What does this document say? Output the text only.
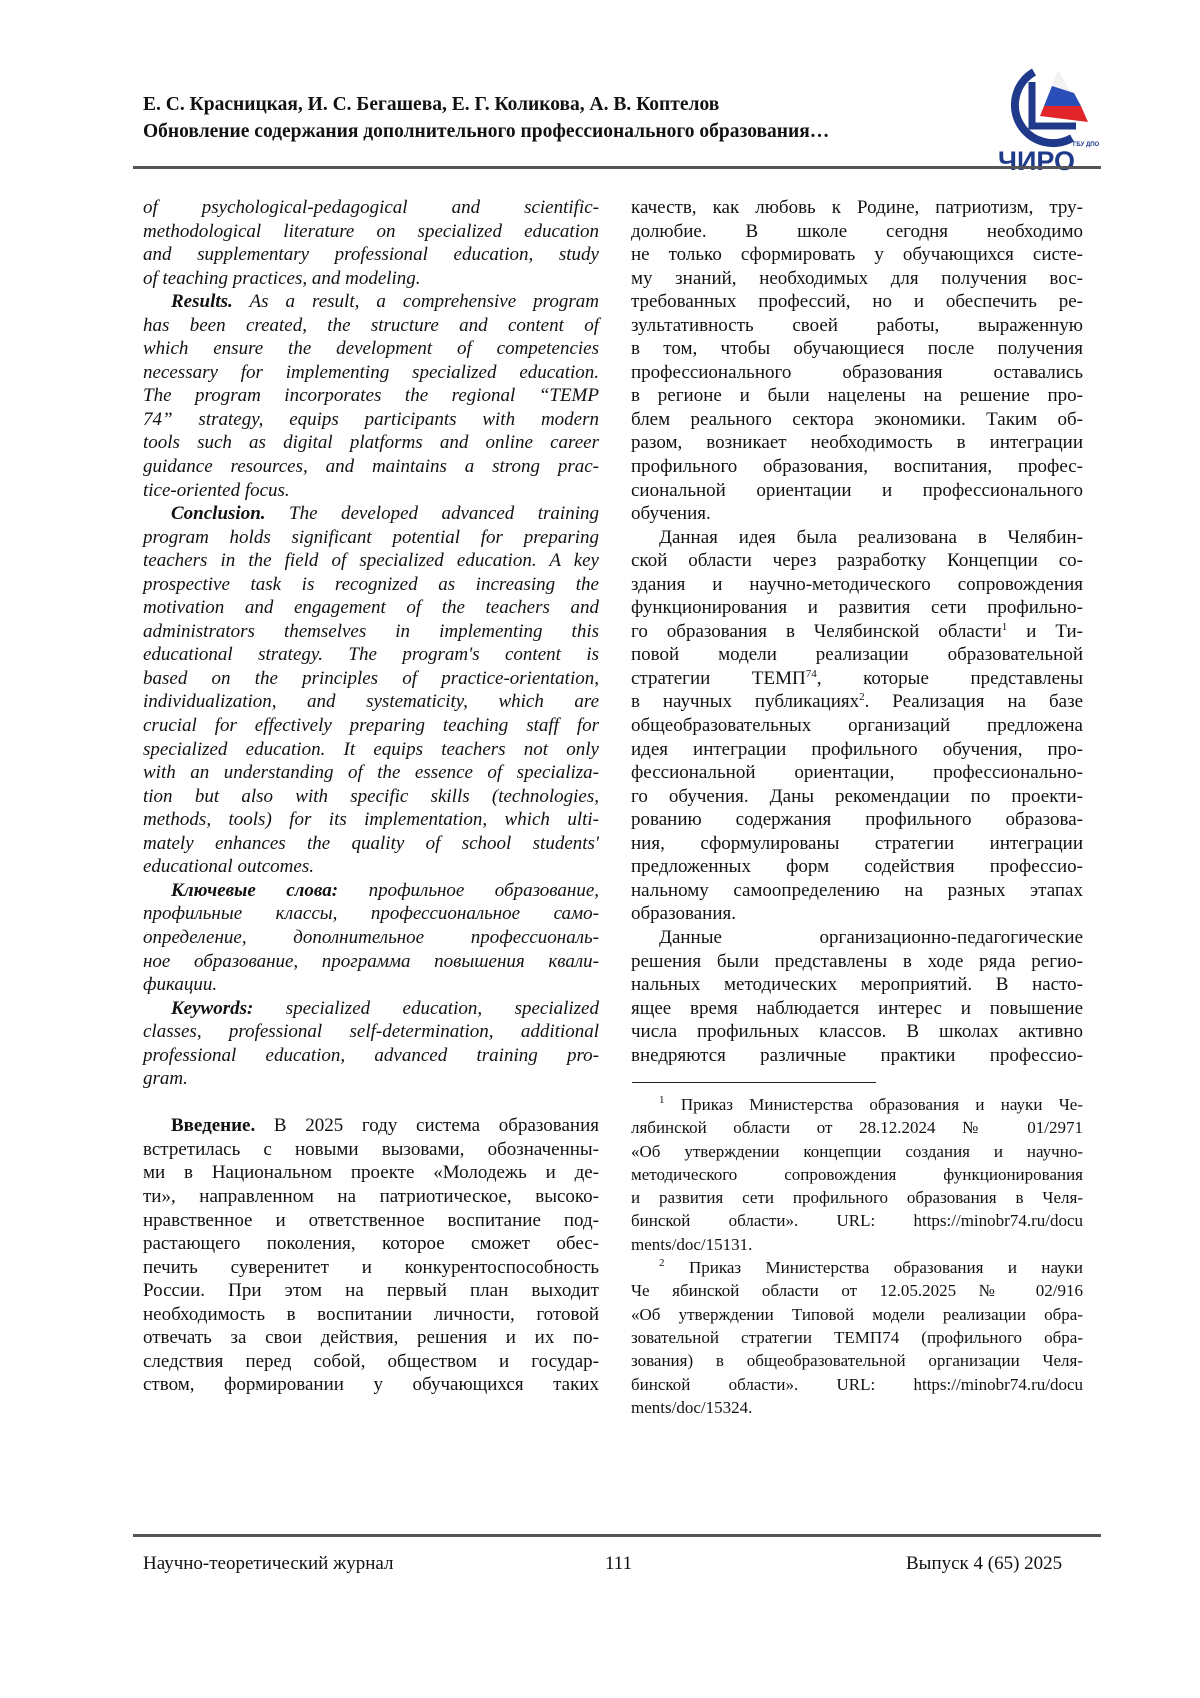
Е. С. Красницкая, И. С. Бегашева, Е. Г. Коликова, А. В. Коптелов
Обновление содержания дополнительного профессионального образования…
ГБУ ДПО
ЧИРО
of psychological-pedagogical and scientific-
methodological literature on specialized education
and supplementary professional education, study
of teaching practices, and modeling.
Results. As a result, a comprehensive program
has been created, the structure and content of
which ensure the development of competencies
necessary for implementing specialized education.
The program incorporates the regional “TEMP
74” strategy, equips participants with modern
tools such as digital platforms and online career
guidance resources, and maintains a strong prac-
tice-oriented focus.
Conclusion. The developed advanced training
program holds significant potential for preparing
teachers in the field of specialized education. A key
prospective task is recognized as increasing the
motivation and engagement of the teachers and
administrators themselves in implementing this
educational strategy. The program's content is
based on the principles of practice-orientation,
individualization, and systematicity, which are
crucial for effectively preparing teaching staff for
specialized education. It equips teachers not only
with an understanding of the essence of specializa-
tion but also with specific skills (technologies,
methods, tools) for its implementation, which ulti-
mately enhances the quality of school students'
educational outcomes.
Ключевые слова: профильное образование,
профильные классы, профессиональное само-
определение, дополнительное профессиональ-
ное образование, программа повышения квали-
фикации.
Keywords: specialized education, specialized
classes, professional self-determination, additional
professional education, advanced training pro-
gram.
Введение. В 2025 году система образования
встретилась с новыми вызовами, обозначенны-
ми в Национальном проекте «Молодежь и де-
ти», направленном на патриотическое, высоко-
нравственное и ответственное воспитание под-
растающего поколения, которое сможет обес-
печить суверенитет и конкурентоспособность
России. При этом на первый план выходит
необходимость в воспитании личности, готовой
отвечать за свои действия, решения и их по-
следствия перед собой, обществом и государ-
ством, формировании у обучающихся таких
качеств, как любовь к Родине, патриотизм, тру-
долюбие. В школе сегодня необходимо
не только сформировать у обучающихся систе-
му знаний, необходимых для получения вос-
требованных профессий, но и обеспечить ре-
зультативность своей работы, выраженную
в том, чтобы обучающиеся после получения
профессионального образования оставались
в регионе и были нацелены на решение про-
блем реального сектора экономики. Таким об-
разом, возникает необходимость в интеграции
профильного образования, воспитания, профес-
сиональной ориентации и профессионального
обучения.
Данная идея была реализована в Челябин-
ской области через разработку Концепции со-
здания и научно-методического сопровождения
функционирования и развития сети профильно-
го образования в Челябинской области1 и Ти-
повой модели реализации образовательной
стратегии ТЕМП74, которые представлены
в научных публикациях2. Реализация на базе
общеобразовательных организаций предложена
идея интеграции профильного обучения, про-
фессиональной ориентации, профессионально-
го обучения. Даны рекомендации по проекти-
рованию содержания профильного образова-
ния, сформулированы стратегии интеграции
предложенных форм содействия профессио-
нальному самоопределению на разных этапах
образования.
Данные организационно-педагогические
решения были представлены в ходе ряда регио-
нальных методических мероприятий. В насто-
ящее время наблюдается интерес и повышение
числа профильных классов. В школах активно
внедряются различные практики профессио-
1 Приказ Министерства образования и науки Че-
лябинской области от 28.12.2024 № 01/2971
«Об утверждении концепции создания и научно-
методического сопровождения функционирования
и развития сети профильного образования в Челя-
бинской области». URL: https://minobr74.ru/docu
ments/doc/15131.
2 Приказ Министерства образования и науки
Че ябинской области от 12.05.2025 № 02/916
«Об утверждении Типовой модели реализации обра-
зовательной стратегии ТЕМП74 (профильного обра-
зования) в общеобразовательной организации Челя-
бинской области». URL: https://minobr74.ru/docu
ments/doc/15324.
Научно-теоретический журнал	111	Выпуск 4 (65) 2025
